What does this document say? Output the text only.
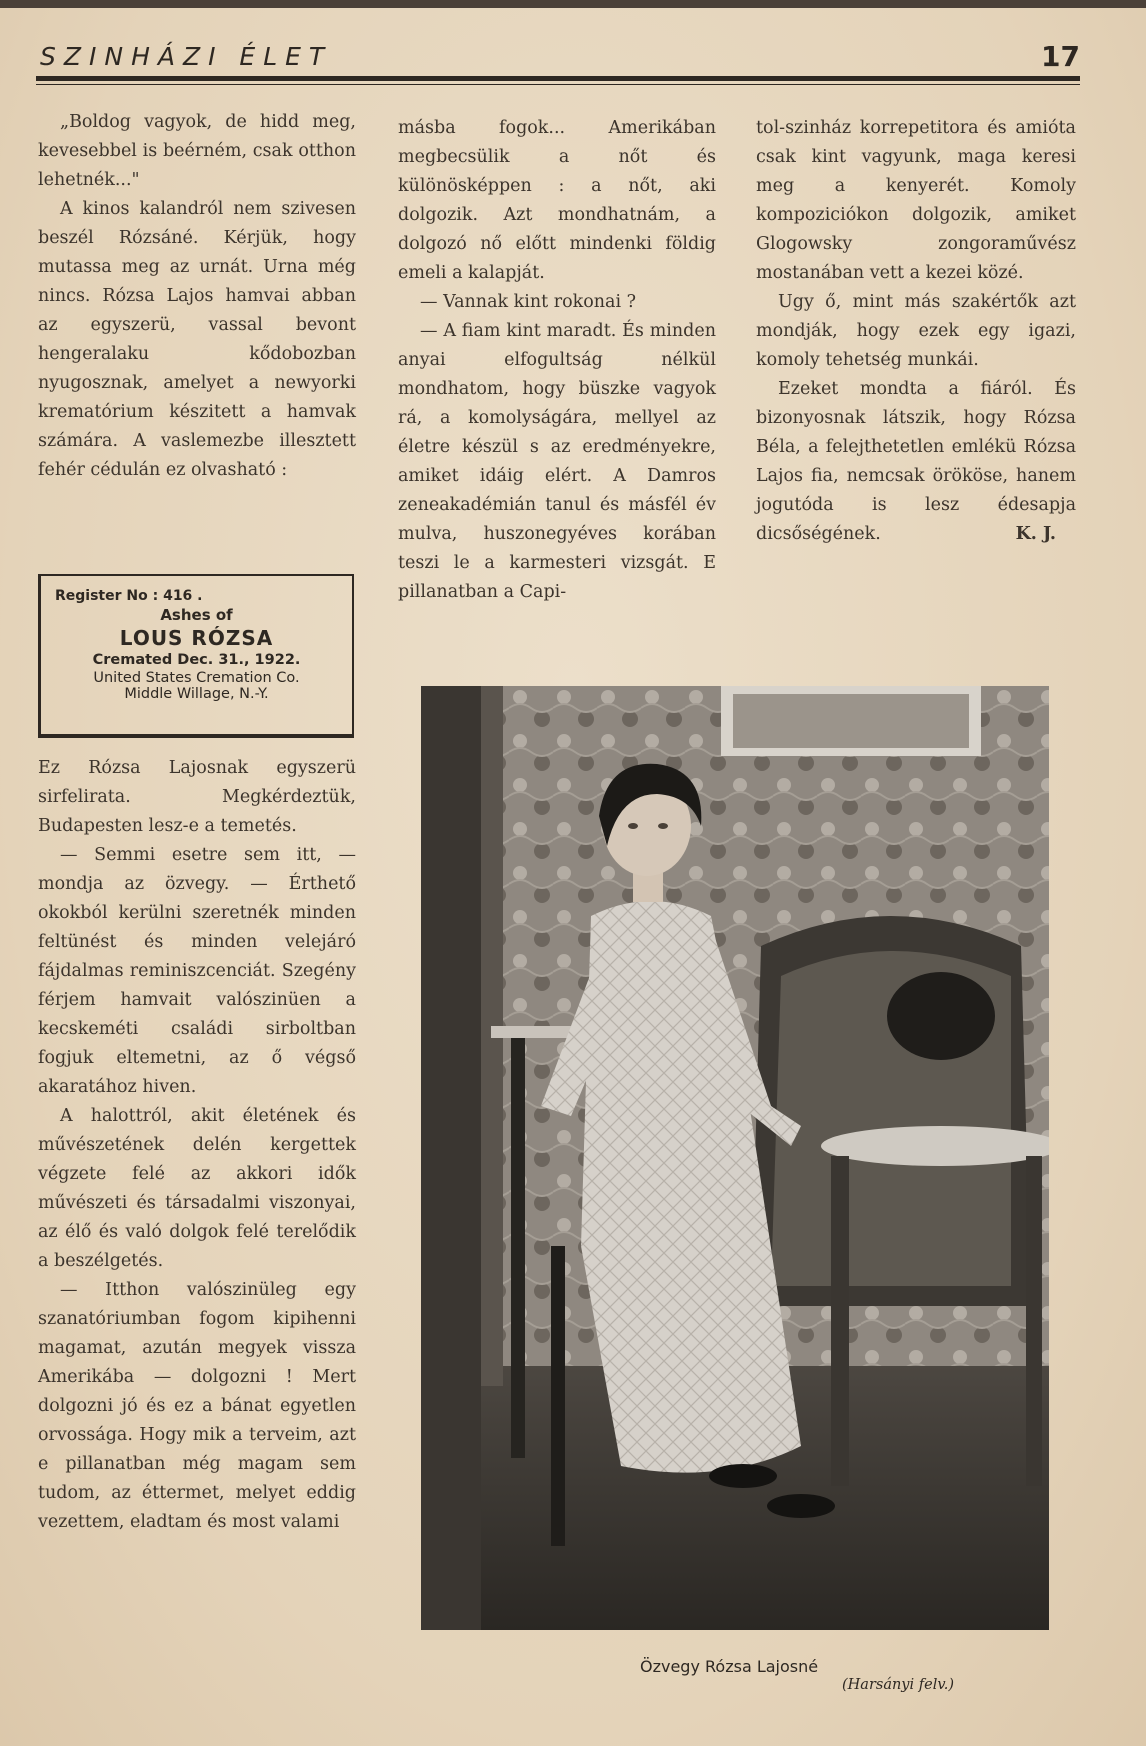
SZINHÁZI ÉLET	17

„Boldog vagyok, de hidd meg, kevesebbel is beérném, csak otthon lehetnék..."

A kinos kalandról nem szivesen beszél Rózsáné. Kérjük, hogy mutassa meg az urnát. Urna még nincs. Rózsa Lajos hamvai abban az egyszerü, vassal bevont hengeralaku kődobozban nyugosznak, amelyet a newyorki krematórium készitett a hamvak számára. A vaslemezbe illesztett fehér cédulán ez olvasható :

Register No : 416 .
Ashes of
LOUS RÓZSA
Cremated Dec. 31., 1922.
United States Cremation Co.
Middle Willage, N.-Y.

Ez Rózsa Lajosnak egyszerü sirfelirata. Megkérdeztük, Budapesten lesz-e a temetés.

— Semmi esetre sem itt, — mondja az özvegy. — Érthető okokból kerülni szeretnék minden feltünést és minden velejáró fájdalmas reminiszcenciát. Szegény férjem hamvait valószinüen a kecskeméti családi sirboltban fogjuk eltemetni, az ő végső akaratához hiven.

A halottról, akit életének és művészetének delén kergettek végzete felé az akkori idők művészeti és társadalmi viszonyai, az élő és való dolgok felé terelődik a beszélgetés.

— Itthon valószinüleg egy szanatóriumban fogom kipihenni magamat, azután megyek vissza Amerikába — dolgozni ! Mert dolgozni jó és ez a bánat egyetlen orvossága. Hogy mik a terveim, azt e pillanatban még magam sem tudom, az éttermet, melyet eddig vezettem, eladtam és most valami

másba fogok... Amerikában megbecsülik a nőt és különösképpen : a nőt, aki dolgozik. Azt mondhatnám, a dolgozó nő előtt mindenki földig emeli a kalapját.

— Vannak kint rokonai ?

— A fiam kint maradt. És minden anyai elfogultság nélkül mondhatom, hogy büszke vagyok rá, a komolyságára, mellyel az életre készül s az eredményekre, amiket idáig elért. A Damros zeneakadémián tanul és másfél év mulva, huszonegyéves korában teszi le a karmesteri vizsgát. E pillanatban a Capi-

tol-szinház korrepetitora és amióta csak kint vagyunk, maga keresi meg a kenyerét. Komoly kompoziciókon dolgozik, amiket Glogowsky zongoraművész mostanában vett a kezei közé.

Ugy ő, mint más szakértők azt mondják, hogy ezek egy igazi, komoly tehetség munkái.

Ezeket mondta a fiáról. És bizonyosnak látszik, hogy Rózsa Béla, a felejthetetlen emlékü Rózsa Lajos fia, nemcsak örököse, hanem jogutóda is lesz édesapja dicsőségének.	K. J.
Özvegy Rózsa Lajosné
(Harsányi felv.)
